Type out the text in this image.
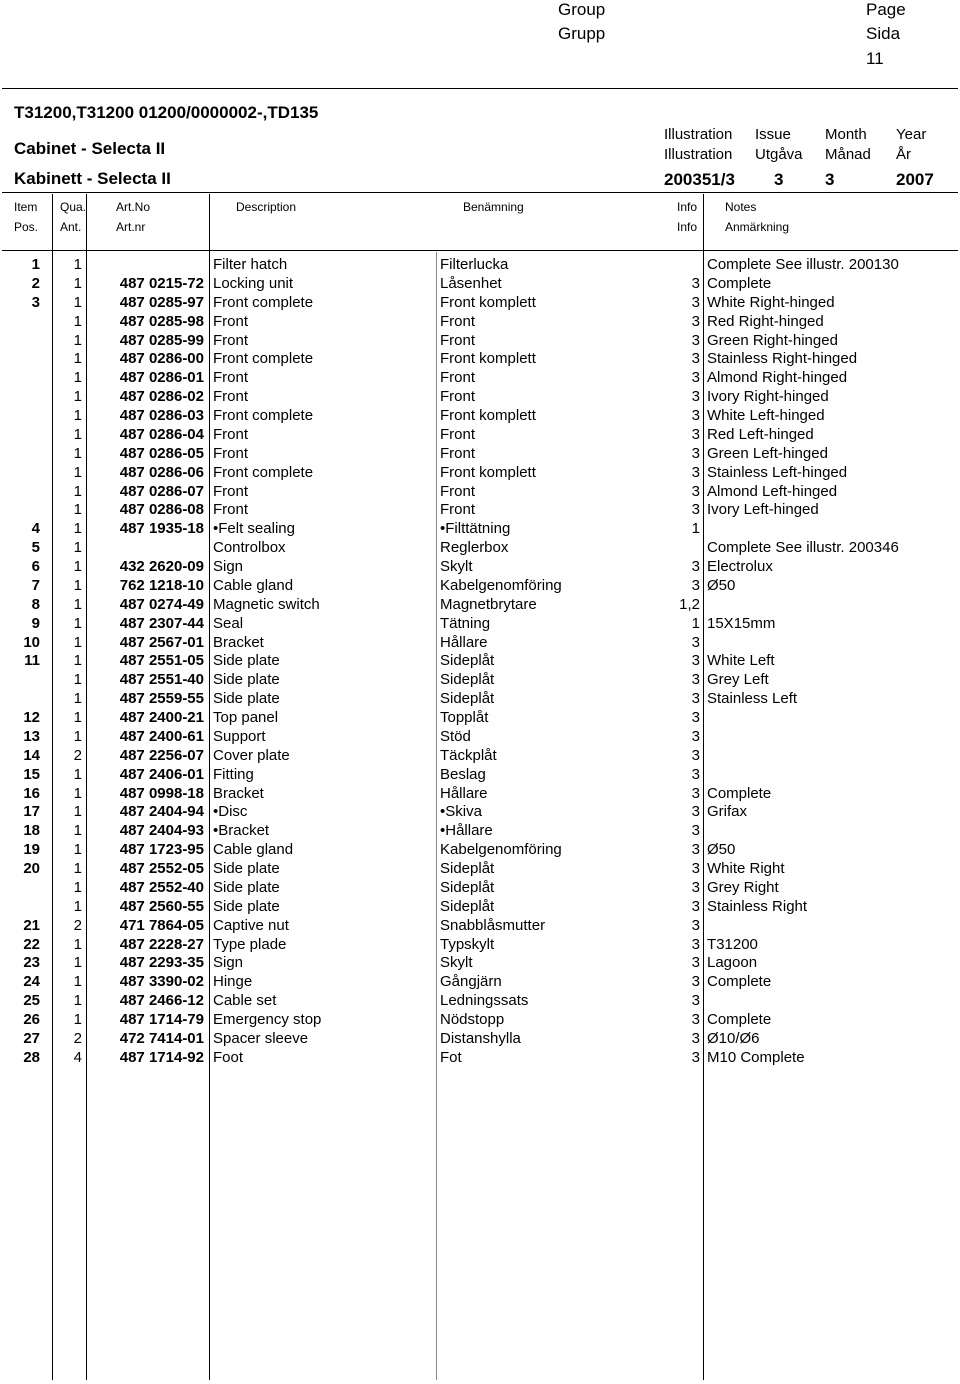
Group
Grupp
Page
Sida
11
T31200,T31200 01200/0000002-,TD135
Cabinet - Selecta II
Kabinett - Selecta II
Illustration
Illustration
Issue
Utgåva
Month
Månad
Year
År
200351/3 3 3	2007
Item
Pos.
Qua.
Ant.
Art.No
Art.nr
Description	Benämning	Info
Info
Notes
Anmärkning
1	1	Filter hatch	Filterlucka	Complete See illustr. 200130
2	1	487 0215-72 Locking unit	Låsenhet	3 Complete
3	1	487 0285-97 Front complete	Front komplett	3 White Right-hinged
1	487 0285-98 Front	Front	3 Red Right-hinged
1	487 0285-99 Front	Front	3 Green Right-hinged
1	487 0286-00 Front complete	Front komplett	3 Stainless Right-hinged
1	487 0286-01 Front	Front	3 Almond Right-hinged
1	487 0286-02 Front	Front	3 Ivory Right-hinged
1	487 0286-03 Front complete	Front komplett	3 White Left-hinged
1	487 0286-04 Front	Front	3 Red Left-hinged
1	487 0286-05 Front	Front	3 Green Left-hinged
1	487 0286-06 Front complete	Front komplett	3 Stainless Left-hinged
1	487 0286-07 Front	Front	3 Almond Left-hinged
1	487 0286-08 Front	Front	3 Ivory Left-hinged
4	1	487 1935-18 •Felt sealing	•Filttätning	1
5	1	Controlbox	Reglerbox	Complete See illustr. 200346
6	1	432 2620-09 Sign	Skylt	3 Electrolux
7	1	762 1218-10 Cable gland	Kabelgenomföring	3 Ø50
8	1	487 0274-49 Magnetic switch	Magnetbrytare	1,2
9	1	487 2307-44 Seal	Tätning	1 15X15mm
10	1	487 2567-01 Bracket	Hållare	3
11	1	487 2551-05 Side plate	Sideplåt	3 White Left
1	487 2551-40 Side plate	Sideplåt	3 Grey Left
1	487 2559-55 Side plate	Sideplåt	3 Stainless Left
12	1	487 2400-21 Top panel	Topplåt	3
13	1	487 2400-61 Support	Stöd	3
14	2	487 2256-07 Cover plate	Täckplåt	3
15	1	487 2406-01 Fitting	Beslag	3
16	1	487 0998-18 Bracket	Hållare	3 Complete
17	1	487 2404-94 •Disc	•Skiva	3 Grifax
18	1	487 2404-93 •Bracket	•Hållare	3
19	1	487 1723-95 Cable gland	Kabelgenomföring	3 Ø50
20	1	487 2552-05 Side plate	Sideplåt	3 White Right
1	487 2552-40 Side plate	Sideplåt	3 Grey Right
1	487 2560-55 Side plate	Sideplåt	3 Stainless Right
21	2	471 7864-05 Captive nut	Snabblåsmutter	3
22	1	487 2228-27 Type plade	Typskylt	3 T31200
23	1	487 2293-35 Sign	Skylt	3 Lagoon
24	1	487 3390-02 Hinge	Gångjärn	3 Complete
25	1	487 2466-12 Cable set	Ledningssats	3
26	1	487 1714-79 Emergency stop	Nödstopp	3 Complete
27	2	472 7414-01 Spacer sleeve	Distanshylla	3 Ø10/Ø6
28	4	487 1714-92 Foot	Fot	3 M10 Complete
